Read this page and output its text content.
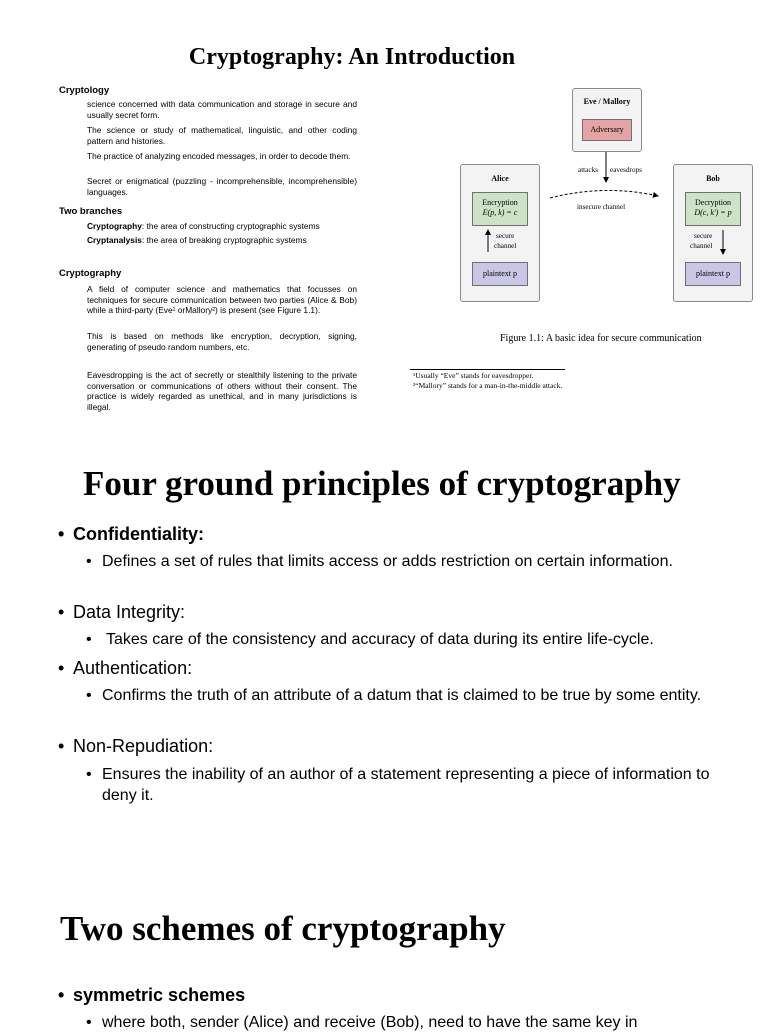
Cryptography: An Introduction
Cryptology
science concerned with data communication and storage in secure and usually secret form.
The science or study of mathematical, linguistic, and other coding pattern and histories.
The practice of analyzing encoded messages, in order to decode them.
Secret or enigmatical (puzzling - incomprehensible, incomprehensible) languages.
Two branches
Cryptography: the area of constructing cryptographic systems
Cryptanalysis: the area of breaking cryptographic systems
Cryptography
A field of computer science and mathematics that focusses on techniques for secure communication between two parties (Alice & Bob) while a third-party (Eve¹ orMallory²) is present (see Figure 1.1).
This is based on methods like encryption, decryption, signing, generating of pseudo random numbers, etc.
Eavesdropping is the act of secretly or stealthily listening to the private conversation or communications of others without their consent. The practice is widely regarded as unethical, and in many jurisdictions is illegal.
Eve / Mallory
Adversary
Alice
Encryption
E(p, k) = c
secure
channel
plaintext p
Bob
Decryption
D(c, k') = p
secure
channel
plaintext p
attacks eavesdrops
insecure channel
Figure 1.1: A basic idea for secure communication
¹Usually “Eve” stands for eavesdropper.
²“Mallory” stands for a man-in-the-middle attack.
Four ground principles of cryptography
• Confidentiality:
• Defines a set of rules that limits access or adds restriction on certain information.
• Data Integrity:
• Takes care of the consistency and accuracy of data during its entire life-cycle.
• Authentication:
• Confirms the truth of an attribute of a datum that is claimed to be true by some entity.
• Non-Repudiation:
• Ensures the inability of an author of a statement representing a piece of information to deny it.
Two schemes of cryptography
• symmetric schemes
• where both, sender (Alice) and receive (Bob), need to have the same key in
